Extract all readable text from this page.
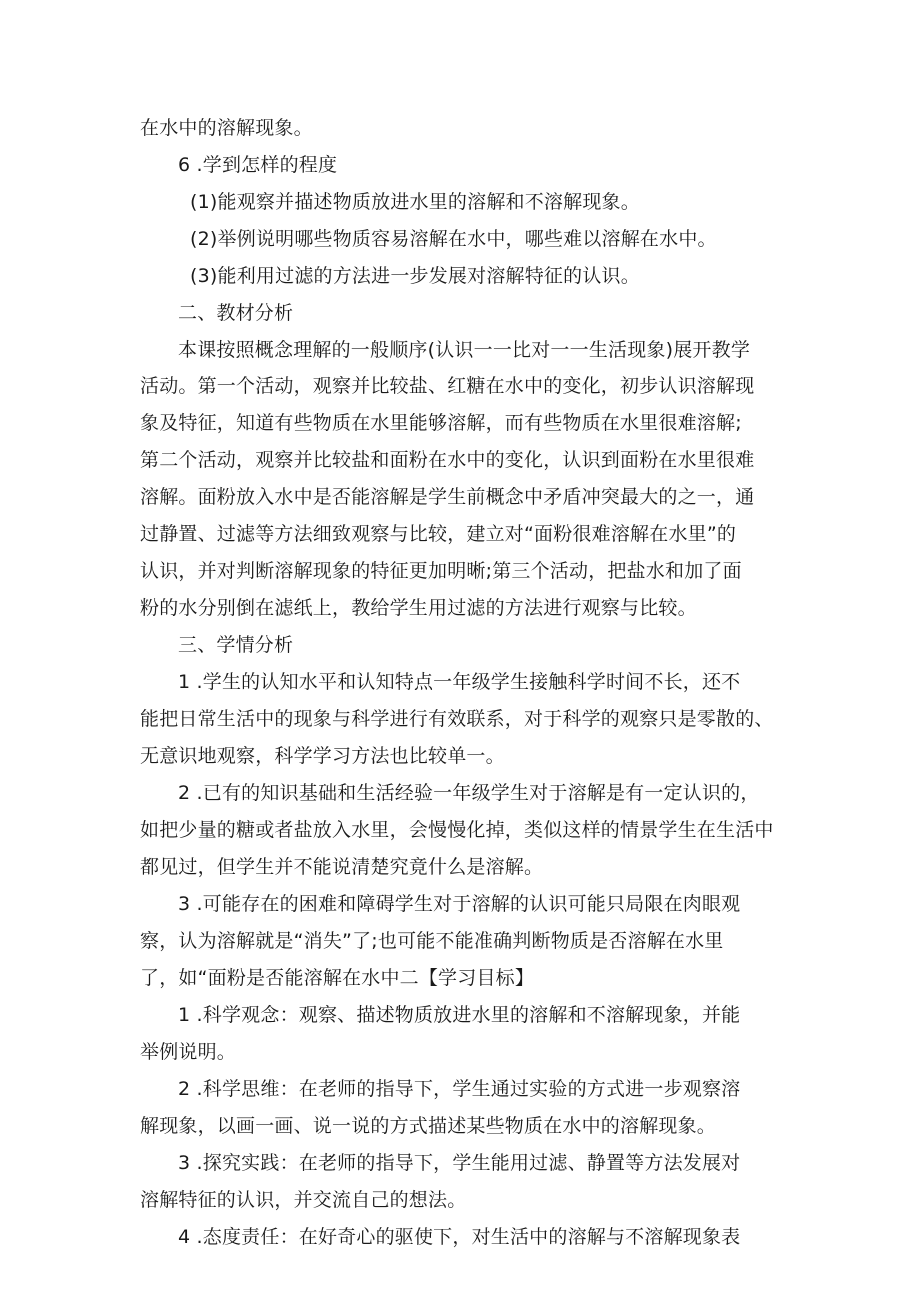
在水中的溶解现象。
6 .学到怎样的程度
(1)能观察并描述物质放进水里的溶解和不溶解现象。
(2)举例说明哪些物质容易溶解在水中，哪些难以溶解在水中。
(3)能利用过滤的方法进一步发展对溶解特征的认识。
二、教材分析
本课按照概念理解的一般顺序(认识一一比对一一生活现象)展开教学
活动。第一个活动，观察并比较盐、红糖在水中的变化，初步认识溶解现
象及特征，知道有些物质在水里能够溶解，而有些物质在水里很难溶解;
第二个活动，观察并比较盐和面粉在水中的变化，认识到面粉在水里很难
溶解。面粉放入水中是否能溶解是学生前概念中矛盾冲突最大的之一，通
过静置、过滤等方法细致观察与比较，建立对“面粉很难溶解在水里”的
认识，并对判断溶解现象的特征更加明晰;第三个活动，把盐水和加了面
粉的水分别倒在滤纸上，教给学生用过滤的方法进行观察与比较。
三、学情分析
1 .学生的认知水平和认知特点一年级学生接触科学时间不长，还不
能把日常生活中的现象与科学进行有效联系，对于科学的观察只是零散的、
无意识地观察，科学学习方法也比较单一。
2 .已有的知识基础和生活经验一年级学生对于溶解是有一定认识的，
如把少量的糖或者盐放入水里，会慢慢化掉，类似这样的情景学生在生活中
都见过，但学生并不能说清楚究竟什么是溶解。
3 .可能存在的困难和障碍学生对于溶解的认识可能只局限在肉眼观
察，认为溶解就是“消失”了;也可能不能准确判断物质是否溶解在水里
了，如“面粉是否能溶解在水中二【学习目标】
1 .科学观念：观察、描述物质放进水里的溶解和不溶解现象，并能
举例说明。
2 .科学思维：在老师的指导下，学生通过实验的方式进一步观察溶
解现象，以画一画、说一说的方式描述某些物质在水中的溶解现象。
3 .探究实践：在老师的指导下，学生能用过滤、静置等方法发展对
溶解特征的认识，并交流自己的想法。
4 .态度责任：在好奇心的驱使下，对生活中的溶解与不溶解现象表
